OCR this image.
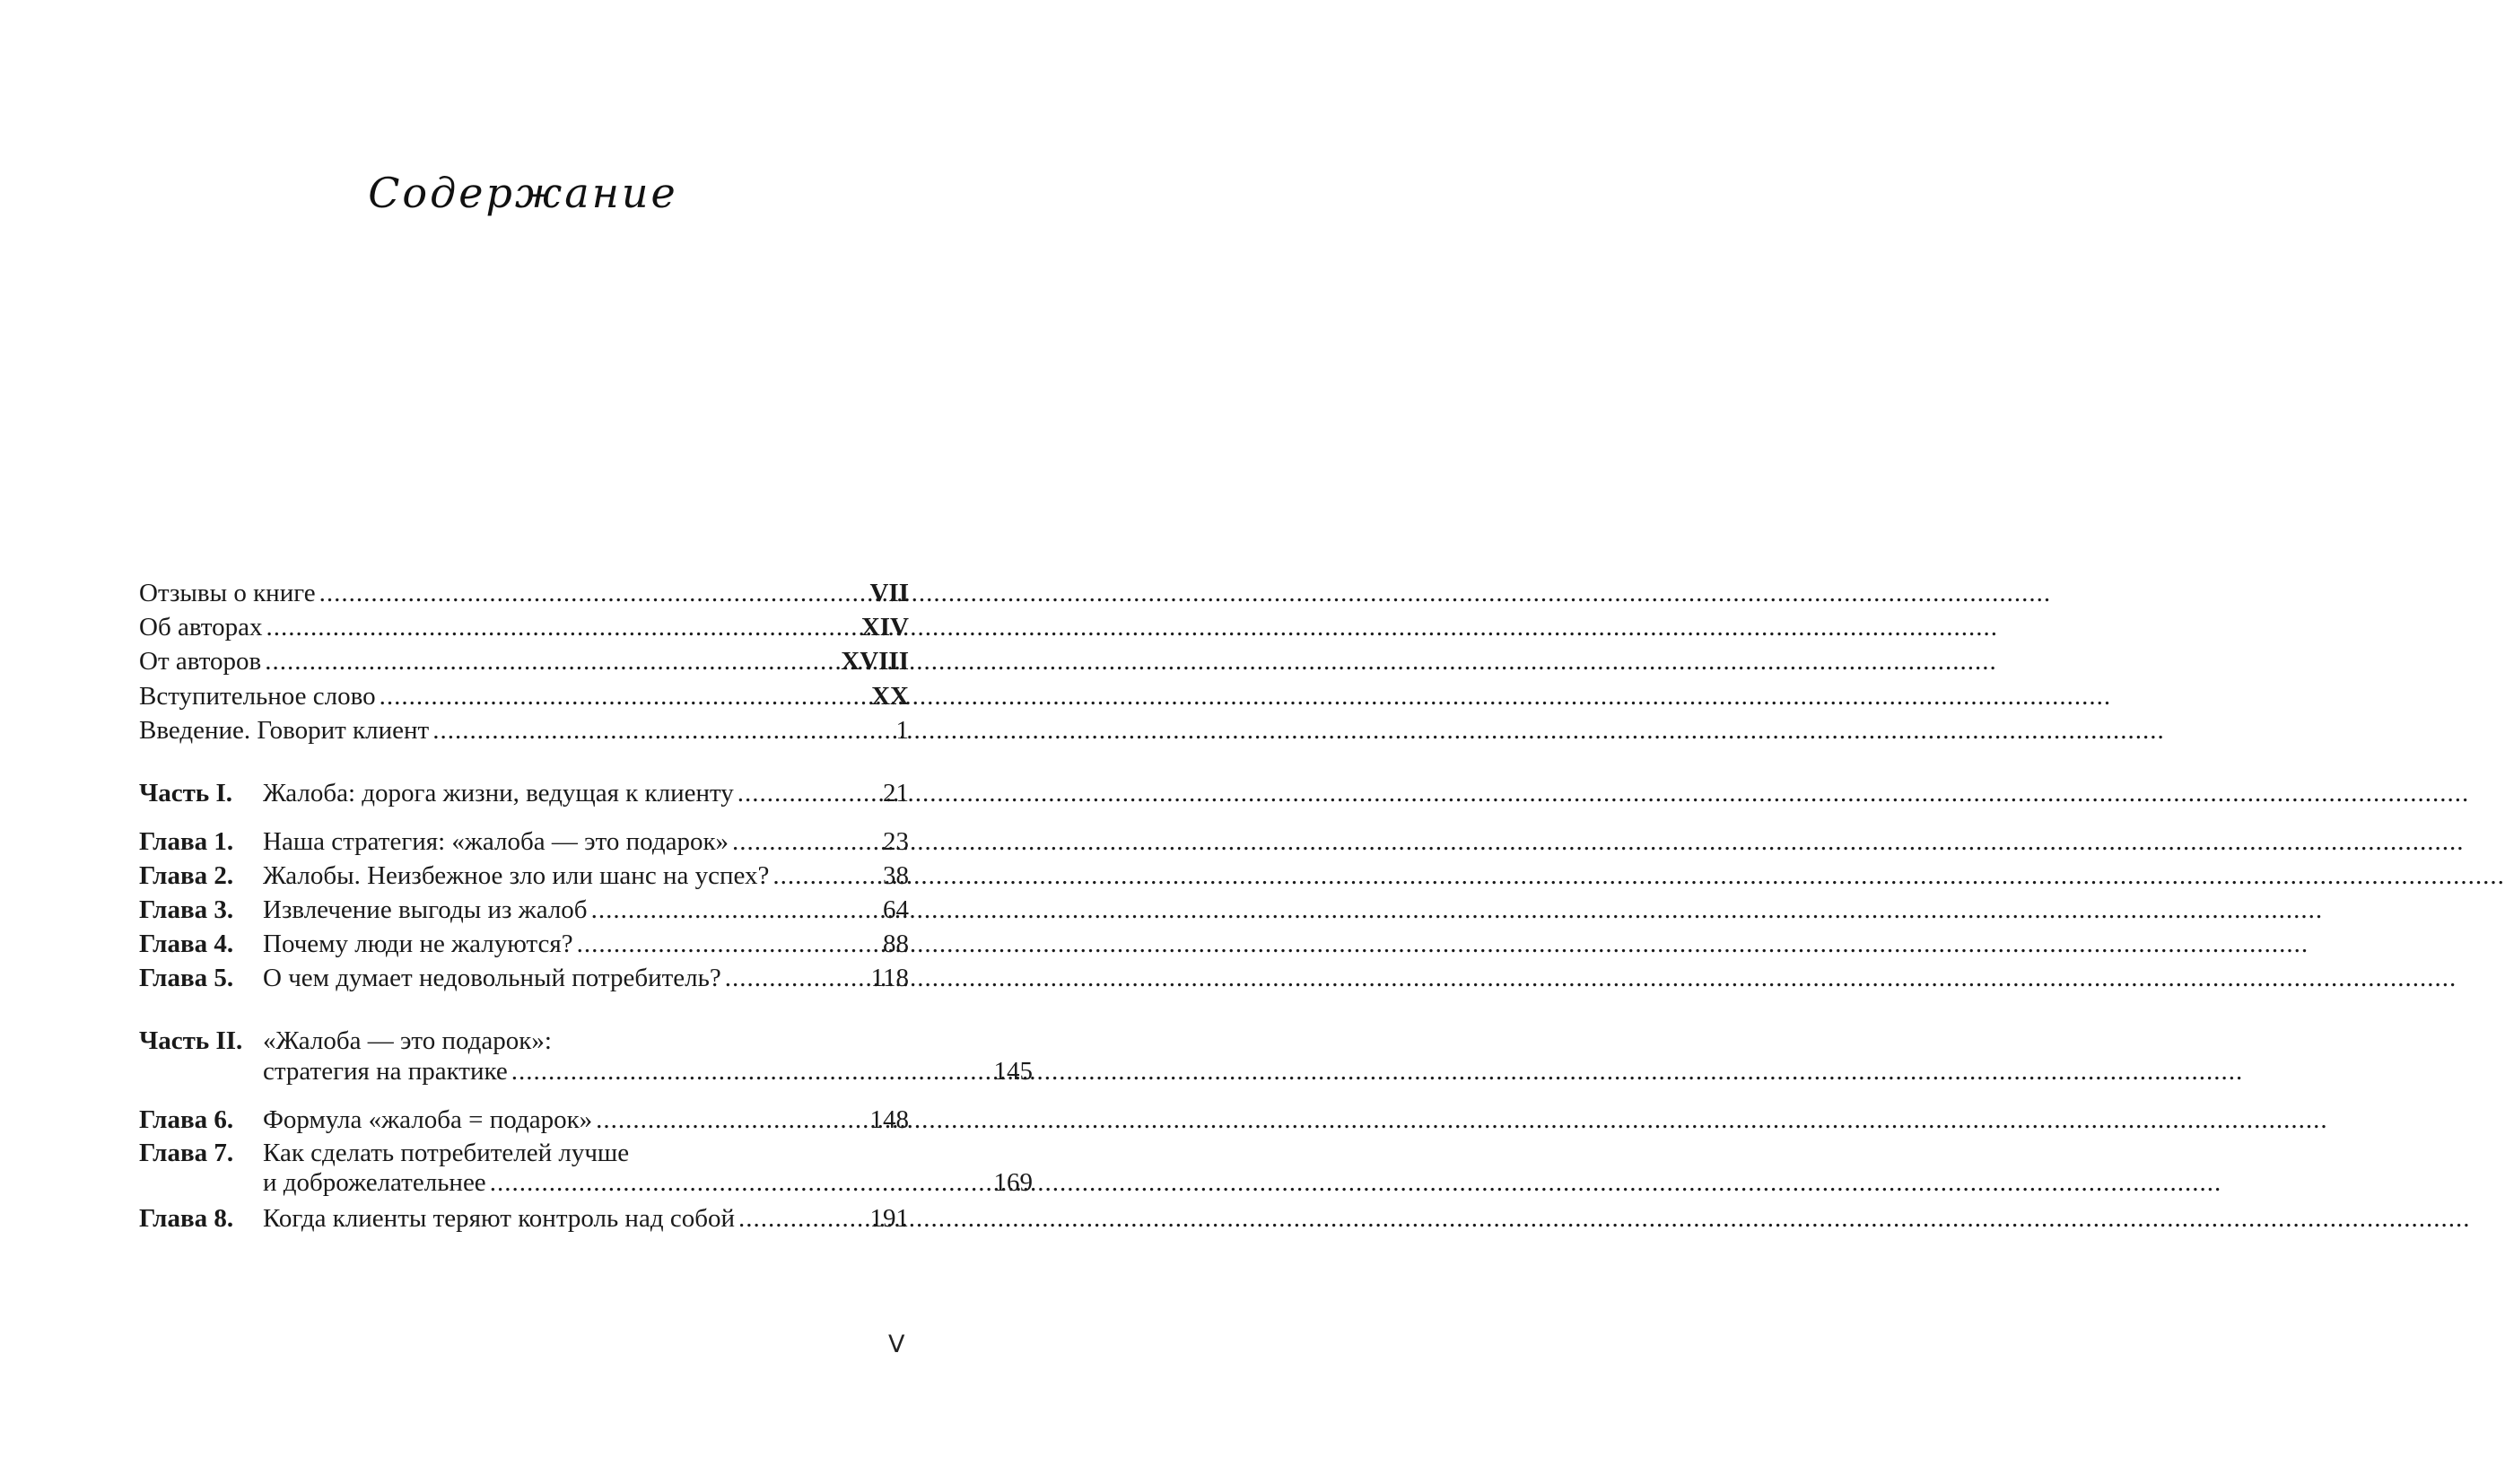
Содержание
Отзывы о книге .....	VII
Об авторах .....	XIV
От авторов .....	XVIII
Вступительное слово .....	XX
Введение. Говорит клиент .....	1
Часть I.	Жалоба: дорога жизни, ведущая к клиенту .....	21
Глава 1.	Наша стратегия: «жалоба — это подарок» .....	23
Глава 2.	Жалобы. Неизбежное зло или шанс на успех? .....	38
Глава 3.	Извлечение выгоды из жалоб .....	64
Глава 4.	Почему люди не жалуются? .....	88
Глава 5.	О чем думает недовольный потребитель? .....	118
Часть II. «Жалоба — это подарок»:
стратегия на практике .....	145
Глава 6.	Формула «жалоба = подарок» .....	148
Глава 7.	Как сделать потребителей лучше
и доброжелательнее .....	169
Глава 8.	Когда клиенты теряют контроль над собой .....	191
V
